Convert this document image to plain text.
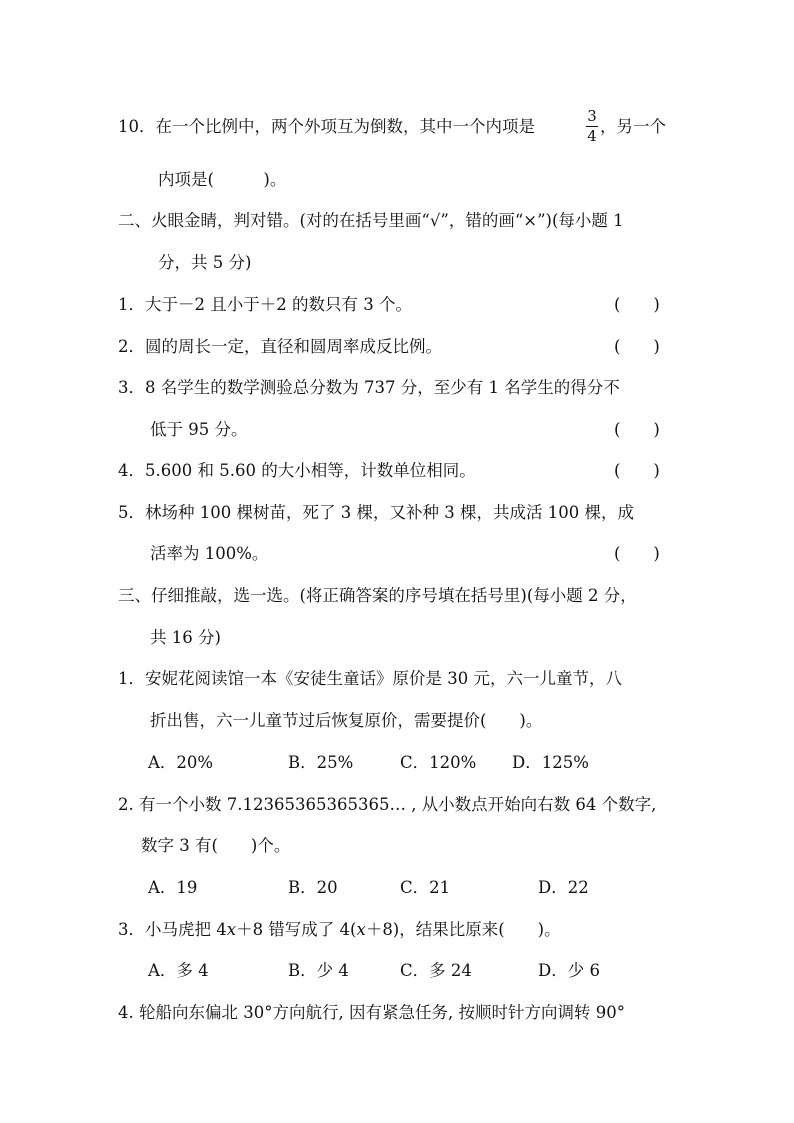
10．在一个比例中，两个外项互为倒数，其中一个内项是
3
4 ，另一个
内项是(　　　)。
二、火眼金睛，判对错。(对的在括号里画“√”，错的画“×”)(每小题 1
分，共 5 分)
1．大于－2 且小于＋2 的数只有 3 个。	(　　)
2．圆的周长一定，直径和圆周率成反比例。	(　　)
3．8 名学生的数学测验总分数为 737 分，至少有 1 名学生的得分不
低于 95 分。	(　　)
4．5.600 和 5.60 的大小相等，计数单位相同。	(　　)
5．林场种 100 棵树苗，死了 3 棵，又补种 3 棵，共成活 100 棵，成
活率为 100%。	(　　)
三、仔细推敲，选一选。(将正确答案的序号填在括号里)(每小题 2 分，
共 16 分)
1．安妮花阅读馆一本《安徒生童话》原价是 30 元，六一儿童节，八
折出售，六一儿童节过后恢复原价，需要提价(　　)。
A．20%	B．25%	C．120% D．125%
2. 有一个小数 7.12365365365365… , 从小数点开始向右数 64 个数字,
数字 3 有(　　)个。
A．19	B．20	C．21	D．22
3．小马虎把 4x＋8 错写成了 4(x＋8)，结果比原来(　　)。
A．多 4	B．少 4	C．多 24	D．少 6
4. 轮船向东偏北 30°方向航行, 因有紧急任务, 按顺时针方向调转 90°
